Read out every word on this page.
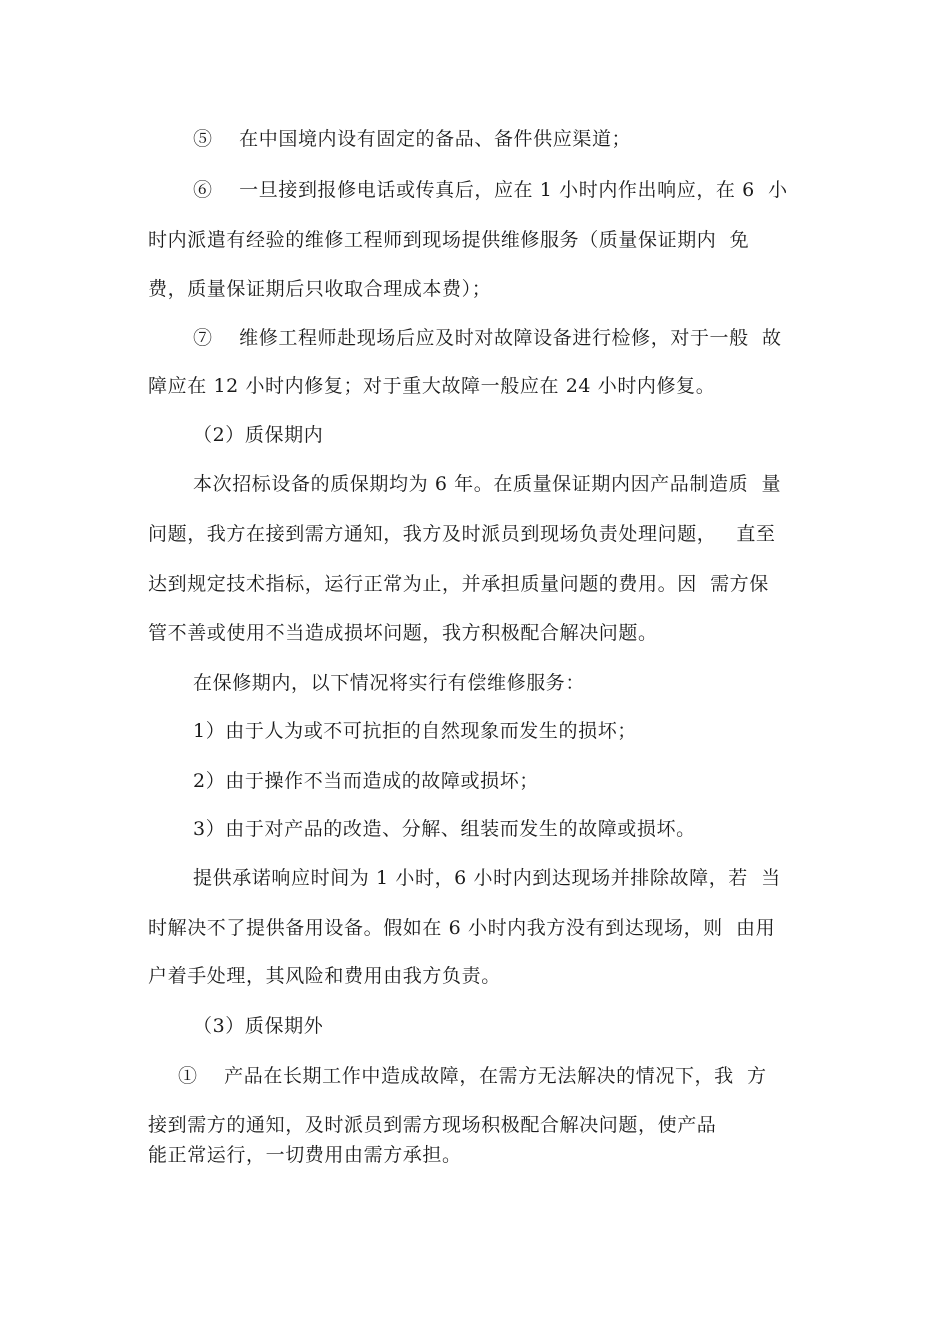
⑤    在中国境内设有固定的备品、备件供应渠道；
⑥    一旦接到报修电话或传真后，应在 1 小时内作出响应，在 6  小
时内派遣有经验的维修工程师到现场提供维修服务（质量保证期内  免
费，质量保证期后只收取合理成本费）；
⑦    维修工程师赴现场后应及时对故障设备进行检修，对于一般  故
障应在 12 小时内修复；对于重大故障一般应在 24 小时内修复。
（2）质保期内
本次招标设备的质保期均为 6 年。在质量保证期内因产品制造质  量
问题，我方在接到需方通知，我方及时派员到现场负责处理问题，   直至
达到规定技术指标，运行正常为止，并承担质量问题的费用。因  需方保
管不善或使用不当造成损坏问题，我方积极配合解决问题。
在保修期内，以下情况将实行有偿维修服务：
1）由于人为或不可抗拒的自然现象而发生的损坏；
2）由于操作不当而造成的故障或损坏；
3）由于对产品的改造、分解、组装而发生的故障或损坏。
提供承诺响应时间为 1 小时，6 小时内到达现场并排除故障，若  当
时解决不了提供备用设备。假如在 6 小时内我方没有到达现场，则  由用
户着手处理，其风险和费用由我方负责。
（3）质保期外
①    产品在长期工作中造成故障，在需方无法解决的情况下，我  方
接到需方的通知，及时派员到需方现场积极配合解决问题，使产品
能正常运行，一切费用由需方承担。
